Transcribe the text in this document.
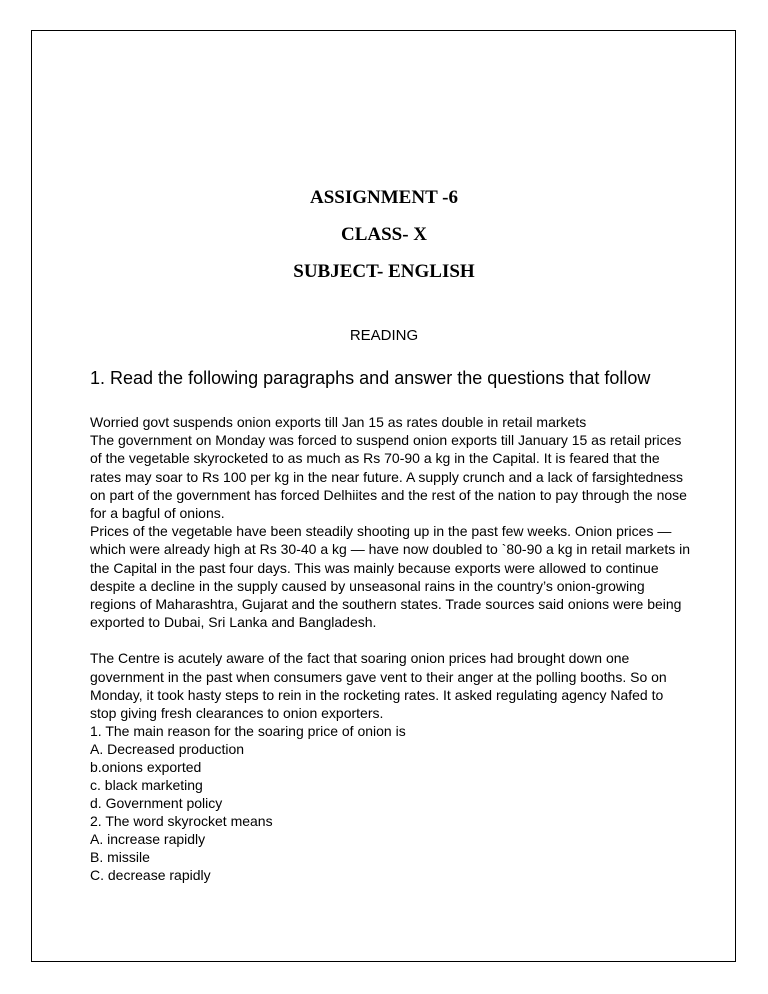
ASSIGNMENT -6
CLASS- X
SUBJECT- ENGLISH
READING
1. Read the following paragraphs and answer the questions that follow

Worried govt suspends onion exports till Jan 15 as rates double in retail markets

The government on Monday was forced to suspend onion exports till January 15 as retail prices of the vegetable skyrocketed to as much as Rs 70-90 a kg in the Capital. It is feared that the rates may soar to Rs 100 per kg in the near future. A supply crunch and a lack of farsightedness on part of the government has forced Delhiites and the rest of the nation to pay through the nose for a bagful of onions.

Prices of the vegetable have been steadily shooting up in the past few weeks. Onion prices — which were already high at Rs 30-40 a kg — have now doubled to `80-90 a kg in retail markets in the Capital in the past four days. This was mainly because exports were allowed to continue despite a decline in the supply caused by unseasonal rains in the country’s onion-growing regions of Maharashtra, Gujarat and the southern states. Trade sources said onions were being exported to Dubai, Sri Lanka and Bangladesh.

The Centre is acutely aware of the fact that soaring onion prices had brought down one government in the past when consumers gave vent to their anger at the polling booths. So on Monday, it took hasty steps to rein in the rocketing rates. It asked regulating agency Nafed to stop giving fresh clearances to onion exporters.

1. The main reason for the soaring price of onion is
A. Decreased production
b.onions exported
c. black marketing
d. Government policy
2. The word skyrocket means
A. increase rapidly
B. missile
C. decrease rapidly
